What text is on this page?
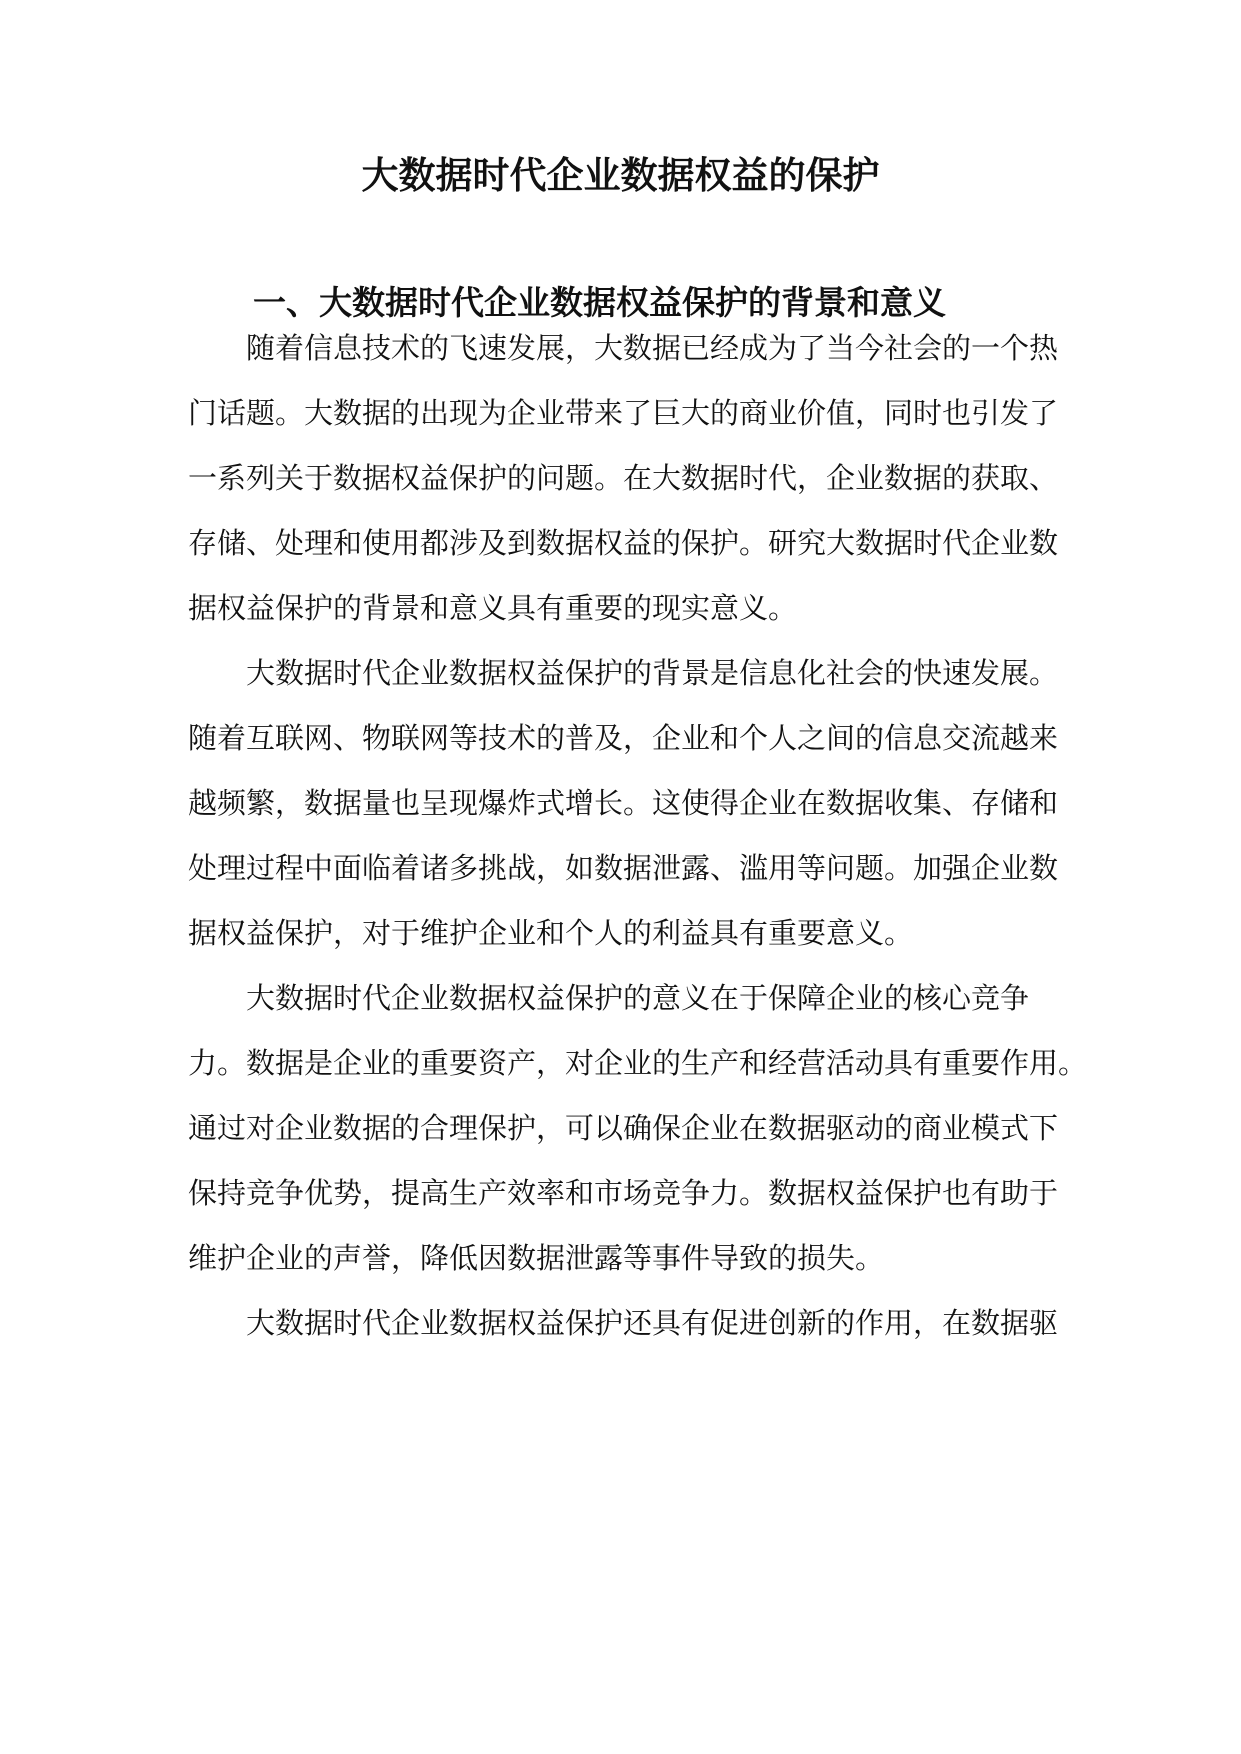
大数据时代企业数据权益的保护
一、大数据时代企业数据权益保护的背景和意义
随着信息技术的飞速发展，大数据已经成为了当今社会的一个热
门话题。大数据的出现为企业带来了巨大的商业价值，同时也引发了
一系列关于数据权益保护的问题。在大数据时代，企业数据的获取、
存储、处理和使用都涉及到数据权益的保护。研究大数据时代企业数
据权益保护的背景和意义具有重要的现实意义。
大数据时代企业数据权益保护的背景是信息化社会的快速发展。
随着互联网、物联网等技术的普及，企业和个人之间的信息交流越来
越频繁，数据量也呈现爆炸式增长。这使得企业在数据收集、存储和
处理过程中面临着诸多挑战，如数据泄露、滥用等问题。加强企业数
据权益保护，对于维护企业和个人的利益具有重要意义。
大数据时代企业数据权益保护的意义在于保障企业的核心竞争
力。数据是企业的重要资产，对企业的生产和经营活动具有重要作用。
通过对企业数据的合理保护，可以确保企业在数据驱动的商业模式下
保持竞争优势，提高生产效率和市场竞争力。数据权益保护也有助于
维护企业的声誉，降低因数据泄露等事件导致的损失。
大数据时代企业数据权益保护还具有促进创新的作用，在数据驱
